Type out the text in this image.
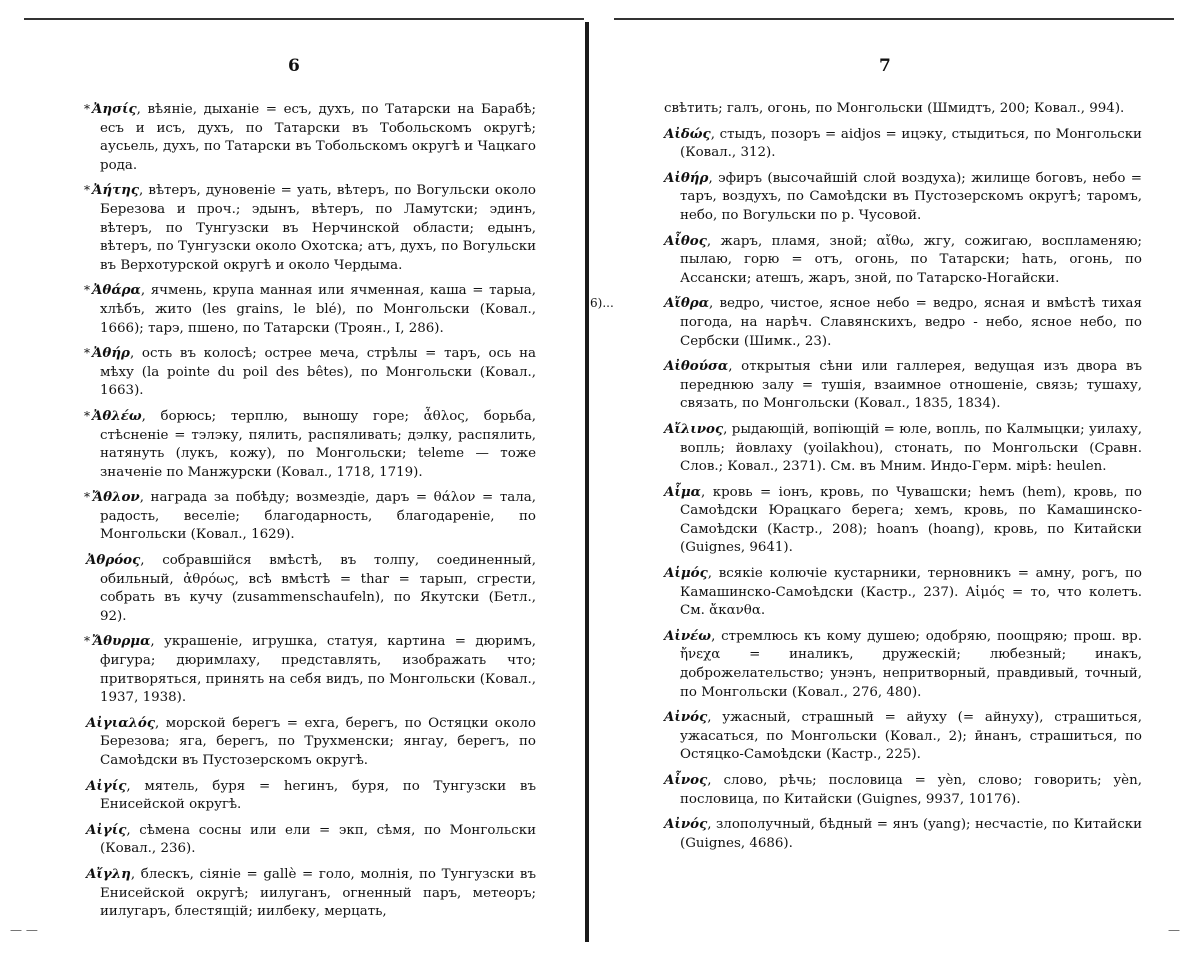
6

* Ἀησίς, вѣяніе, дыханіе = есъ, духъ, по Татарски на Барабѣ; есъ и исъ, духъ, по Татарски въ Тобольскомъ округѣ; аусьель, духъ, по Татарски въ Тобольскомъ округѣ и Чацкаго рода.

* Ἀήτης, вѣтеръ, дуновеніе = уать, вѣтеръ, по Вогульски около Березова и проч.; эдынъ, вѣтеръ, по Ламутски; эдинъ, вѣтеръ, по Тунгузски въ Нерчинской области; едынъ, вѣтеръ, по Тунгузски около Охотска; атъ, духъ, по Вогульски въ Верхотурской округѣ и около Чердыма.

* Ἀθάρα, ячмень, крупа манная или ячменная, каша = тарыа, хлѣбъ, жито (les grains, le blé), по Монгольски (Ковал., 1666); тарэ, пшено, по Татарски (Троян., I, 286).

* Ἀθήρ, ость въ колосѣ; острее меча, стрѣлы = таръ, ось на мѣху (la pointe du poil des bêtes), по Монгольски (Ковал., 1663).

* Ἀθλέω, борюсь; терплю, выношу горе; ἆθλος, борьба, стѣсненіе = тэлэку, пялить, распяливать; дэлку, распялить, натянуть (лукъ, кожу), по Монгольски; teleme — тоже значеніе по Манжурски (Ковал., 1718, 1719).

* Ἄθλον, награда за побѣду; возмездіе, даръ = θάλον = тала, радость, веселіе; благодарность, благодареніе, по Монгольски (Ковал., 1629).

Ἀθρόος, собравшійся вмѣстѣ, въ толпу, соединенный, обильный, ἀθρόως, всѣ вмѣстѣ = thar = тарып, сгрести, собрать въ кучу (zusammenschaufeln), по Якутски (Бетл., 92).

* Ἄθυρμα, украшеніе, игрушка, статуя, картина = дюримъ, фигура; дюримлаху, представлять, изображать что; притворяться, принять на себя видъ, по Монгольски (Ковал., 1937, 1938).

Αἰγιαλός, морской берегъ = exга, берегъ, по Остяцки около Березова; яга, берегъ, по Трухменски; янгау, берегъ, по Самоѣдски въ Пустозерскомъ округѣ.

Αἰγίς, мятель, буря = hегинъ, буря, по Тунгузски въ Енисейской округѣ.

Αἰγίς, сѣмена сосны или ели = экп, сѣмя, по Монгольски (Ковал., 236).

Αἴγλη, блескъ, сіяніе = gallè = голо, молнія, по Тунгузски въ Енисейской округѣ; иилуганъ, огненный паръ, метеоръ; иилугаръ, блестящій; иилбеку, мерцать,

— —
7

свѣтить; галъ, огонь, по Монгольски (Шмидтъ, 200; Ковал., 994).

Αἰδώς, стыдъ, позоръ = aidjos = ицэку, стыдиться, по Монгольски (Ковал., 312).

Αἰθήρ, эфиръ (высочайшій слой воздуха); жилище боговъ, небо = таръ, воздухъ, по Самоѣдски въ Пустозерскомъ округѣ; таромъ, небо, по Вогульски по р. Чусовой.

Αἶθος, жаръ, пламя, зной; αἴθω, жгу, сожигаю, воспламеняю; пылаю, горю = отъ, огонь, по Татарски; hать, огонь, по Ассански; атешъ, жаръ, зной, по Татарско-Ногайски.

6)...	Αἴθρα, ведро, чистое, ясное небо = ведро, ясная и вмѣстѣ тихая погода, на нарѣч. Славянскихъ, ведро - небо, ясное небо, по Сербски (Шимк., 23).

Αἰθούσα, открытыя сѣни или галлерея, ведущая изъ двора въ переднюю залу = тушія, взаимное отношеніе, связь; тушаху, связать, по Монгольски (Ковал., 1835, 1834).

Αἴλινος, рыдающій, вопіющій = юле, вопль, по Калмыцки; уилаху, вопль; йовлаху (yoilakhou), стонать, по Монгольски (Сравн. Слов.; Ковал., 2371). См. въ Мним. Индо-Герм. мірѣ: heulen.

Αἷμα, кровь = іонъ, кровь, по Чувашски; hемъ (hem), кровь, по Самоѣдски Юрацкаго берега; хемъ, кровь, по Камашинско-Самоѣдски (Кастр., 208); hoanъ (hoang), кровь, по Китайски (Guignes, 9641).

Αἱμός, всякіе колючіе кустарники, терновникъ = амну, рогъ, по Камашинско-Самоѣдски (Кастр., 237). Αἱμός = то, что колетъ. См. ἄκανθα.

Αἰνέω, стремлюсь къ кому душею; одобряю, поощряю; прош. вр. ἤνεχα = иналикъ, дружескій; любезный; инакъ, доброжелательство; унэнъ, непритворный, правдивый, точный, по Монгольски (Ковал., 276, 480).

Αἰνός, ужасный, страшный = айуху (= айнуху), страшиться, ужасаться, по Монгольски (Ковал., 2); ӣнанъ, страшиться, по Остяцко-Самоѣдски (Кастр., 225).

Αἶνος, слово, рѣчь; пословица = yèn, слово; говорить; yèn, пословица, по Китайски (Guignes, 9937, 10176).

Αἰνός, злополучный, бѣдный = янъ (yang); несчастіе, по Китайски (Guignes, 4686).

—
